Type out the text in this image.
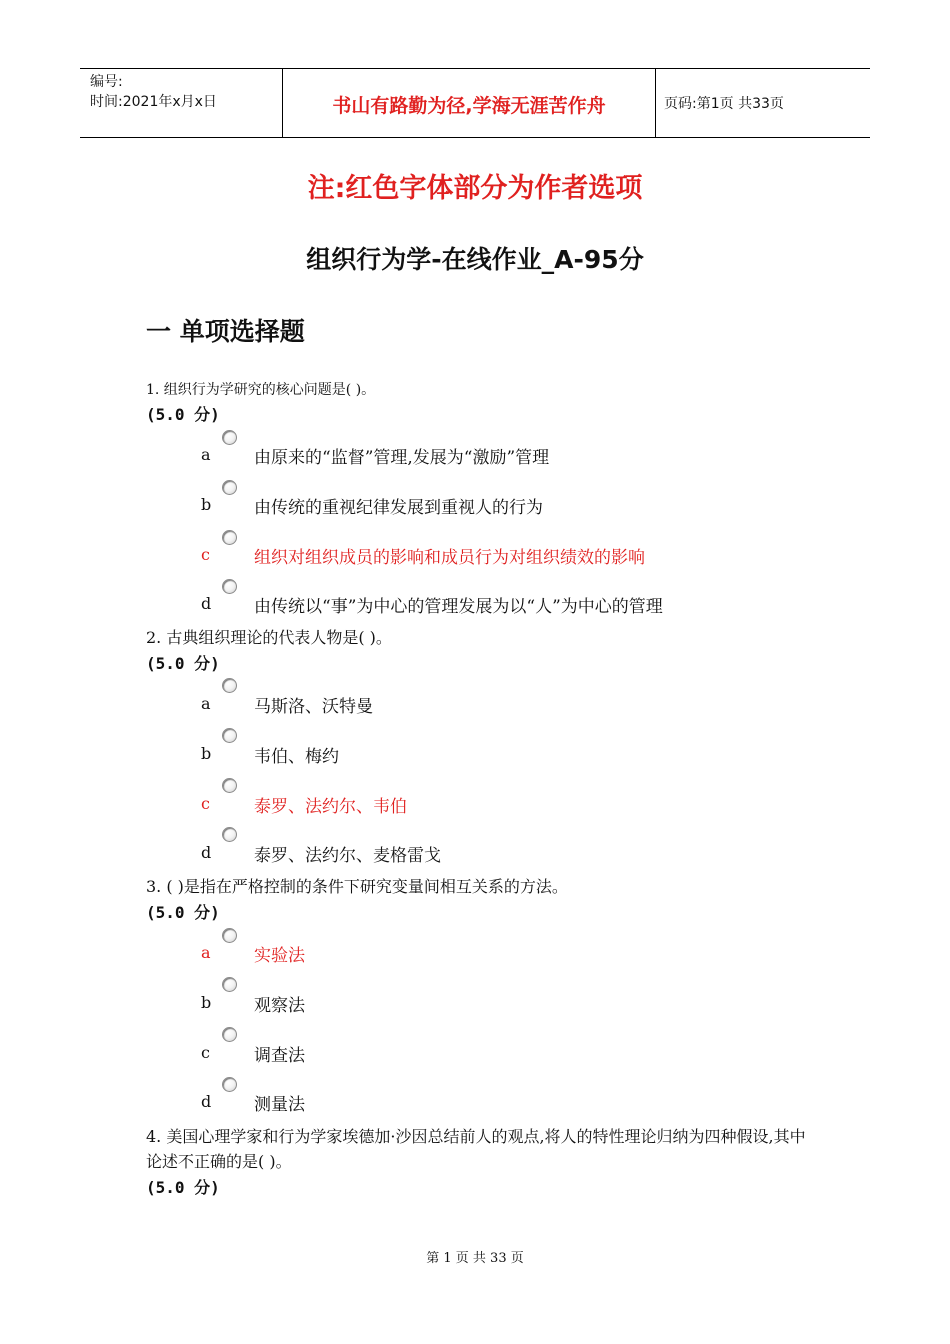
编号:
时间:2021年x月x日	书山有路勤为径,学海无涯苦作舟	页码:第1页 共33页
注:红色字体部分为作者选项
组织行为学-在线作业_A-95分
一 单项选择题
1. 组织行为学研究的核心问题是( )。
(5.0 分)
a	由原来的“监督”管理,发展为“激励”管理
b	由传统的重视纪律发展到重视人的行为
c	组织对组织成员的影响和成员行为对组织绩效的影响
d	由传统以“事”为中心的管理发展为以“人”为中心的管理
2. 古典组织理论的代表人物是( )。
(5.0 分)
a	马斯洛、沃特曼
b	韦伯、梅约
c	泰罗、法约尔、韦伯
d	泰罗、法约尔、麦格雷戈
3. ( )是指在严格控制的条件下研究变量间相互关系的方法。
(5.0 分)
a	实验法
b	观察法
c	调查法
d	测量法
4. 美国心理学家和行为学家埃德加·沙因总结前人的观点,将人的特性理论归纳为四种假设,其中论述不正确的是( )。
(5.0 分)
第 1 页 共 33 页
